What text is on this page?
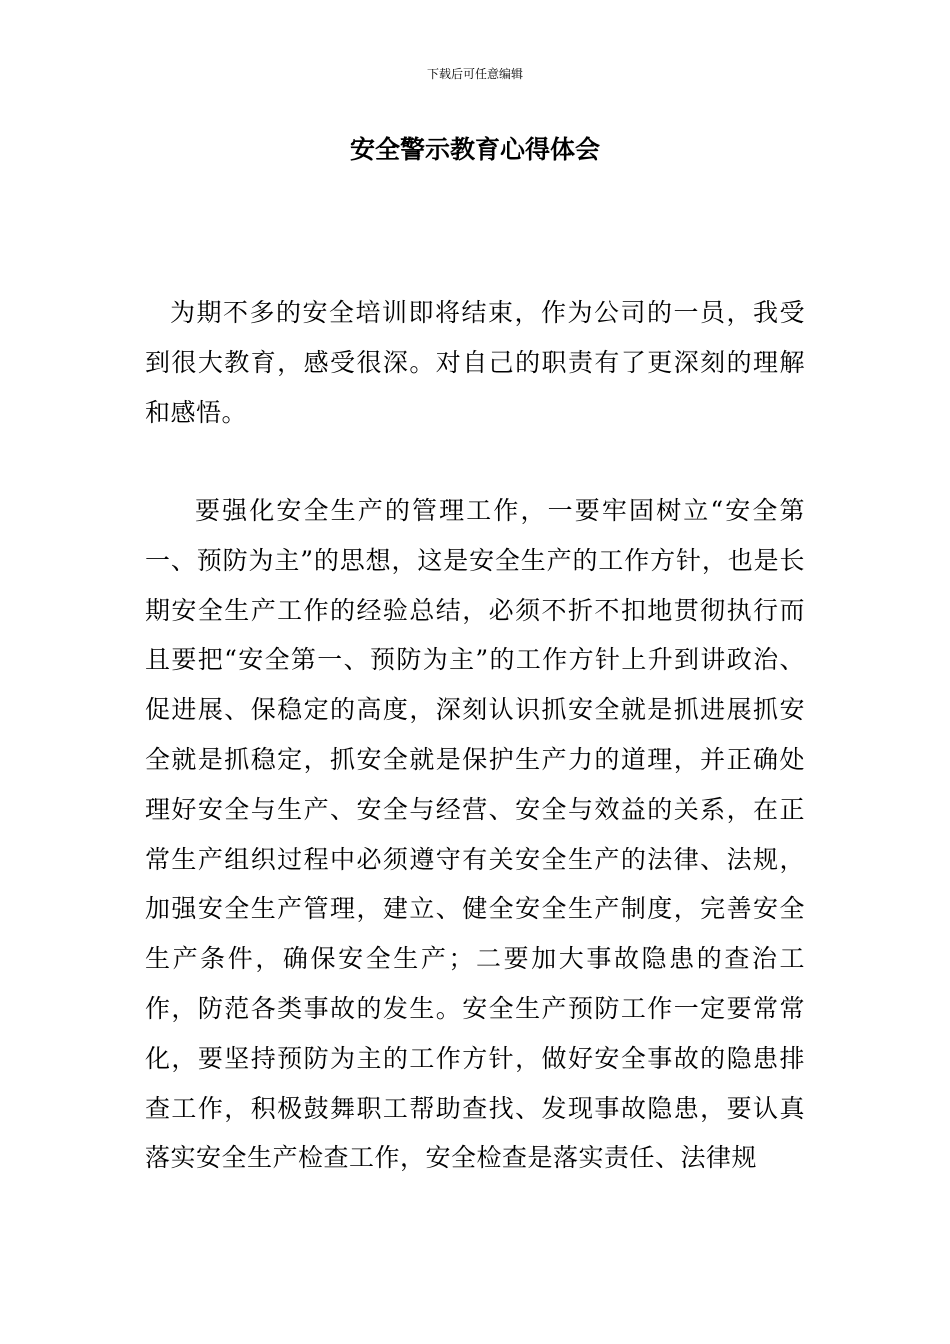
下载后可任意编辑
安全警示教育心得体会

为期不多的安全培训即将结束，作为公司的一员，我受到很大教育，感受很深。对自己的职责有了更深刻的理解和感悟。

要强化安全生产的管理工作，一要牢固树立“安全第一、预防为主”的思想，这是安全生产的工作方针，也是长期安全生产工作的经验总结，必须不折不扣地贯彻执行而且要把“安全第一、预防为主”的工作方针上升到讲政治、促进展、保稳定的高度，深刻认识抓安全就是抓进展抓安全就是抓稳定，抓安全就是保护生产力的道理，并正确处理好安全与生产、安全与经营、安全与效益的关系，在正常生产组织过程中必须遵守有关安全生产的法律、法规，加强安全生产管理，建立、健全安全生产制度，完善安全生产条件，确保安全生产；二要加大事故隐患的查治工作，防范各类事故的发生。安全生产预防工作一定要常常化，要坚持预防为主的工作方针，做好安全事故的隐患排查工作，积极鼓舞职工帮助查找、发现事故隐患，要认真落实安全生产检查工作，安全检查是落实责任、法律规
